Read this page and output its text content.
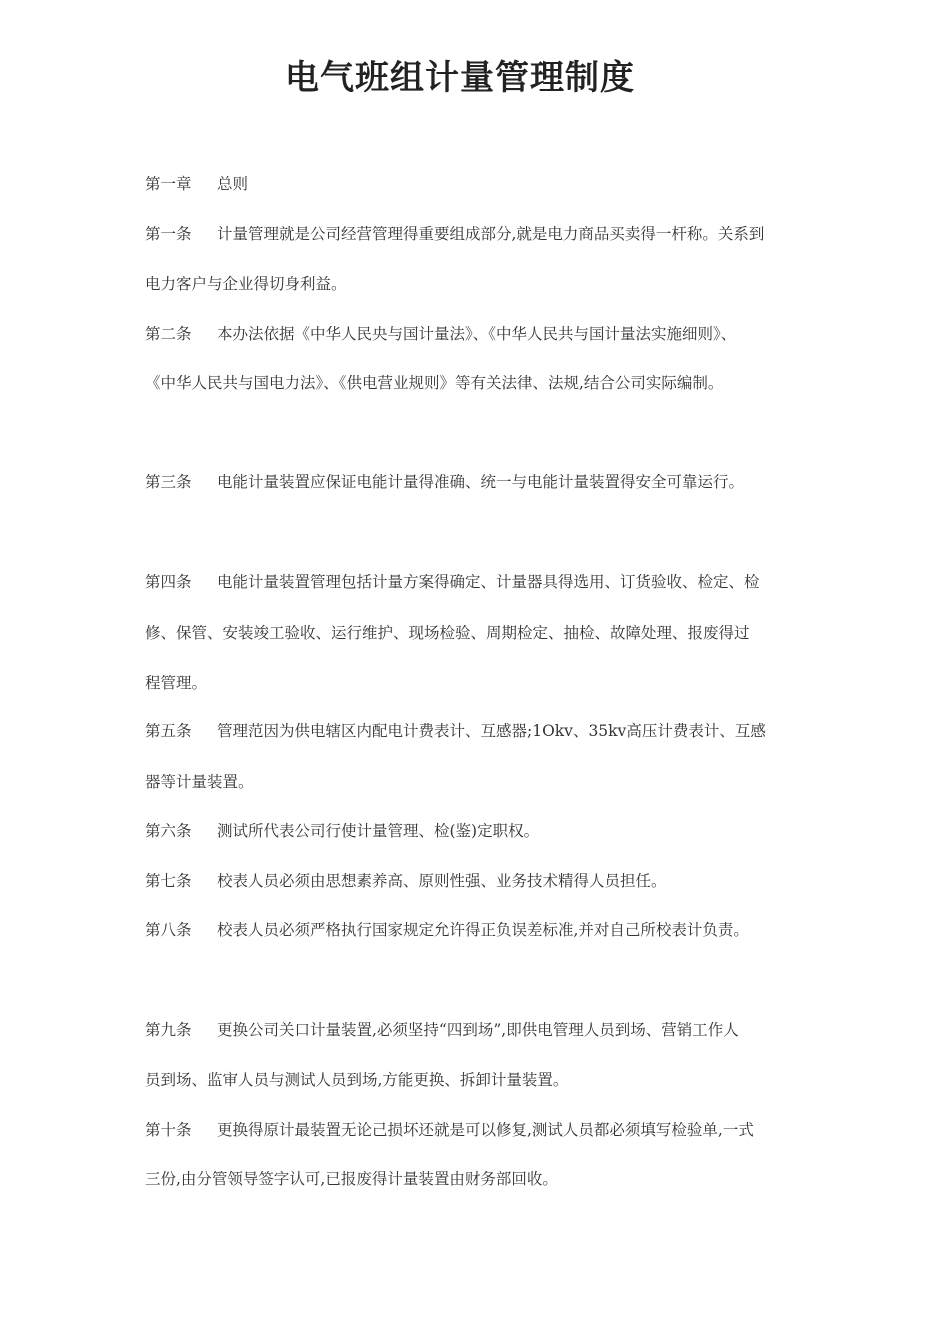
电气班组计量管理制度
第一章 总则
第一条 计量管理就是公司经营管理得重要组成部分,就是电力商品买卖得一杆称。关系到
电力客户与企业得切身利益。
第二条 本办法依据《中华人民央与国计量法》、《中华人民共与国计量法实施细则》、
《中华人民共与国电力法》、《供电营业规则》等有关法律、法规,结合公司实际编制。
第三条 电能计量装置应保证电能计量得准确、统一与电能计量装置得安全可靠运行。
第四条 电能计量装置管理包括计量方案得确定、计量器具得选用、订货验收、检定、检
修、保管、安装竣工验收、运行维护、现场检验、周期检定、抽检、故障处理、报废得过
程管理。
第五条 管理范因为供电辖区内配电计费表计、互感器;1Okv、35kv高压计费表计、互感
器等计量装置。
第六条 测试所代表公司行使计量管理、检(鉴)定职权。
第七条 校表人员必须由思想素养高、原则性强、业务技术精得人员担任。
第八条 校表人员必须严格执行国家规定允许得正负误差标准,并对自己所校表计负责。
第九条 更换公司关口计量装置,必须坚持“四到场”,即供电管理人员到场、营销工作人
员到场、监审人员与测试人员到场,方能更换、拆卸计量装置。
第十条 更换得原计最装置无论己损坏还就是可以修复,测试人员都必须填写检验单,一式
三份,由分管领导签字认可,已报废得计量装置由财务部回收。
